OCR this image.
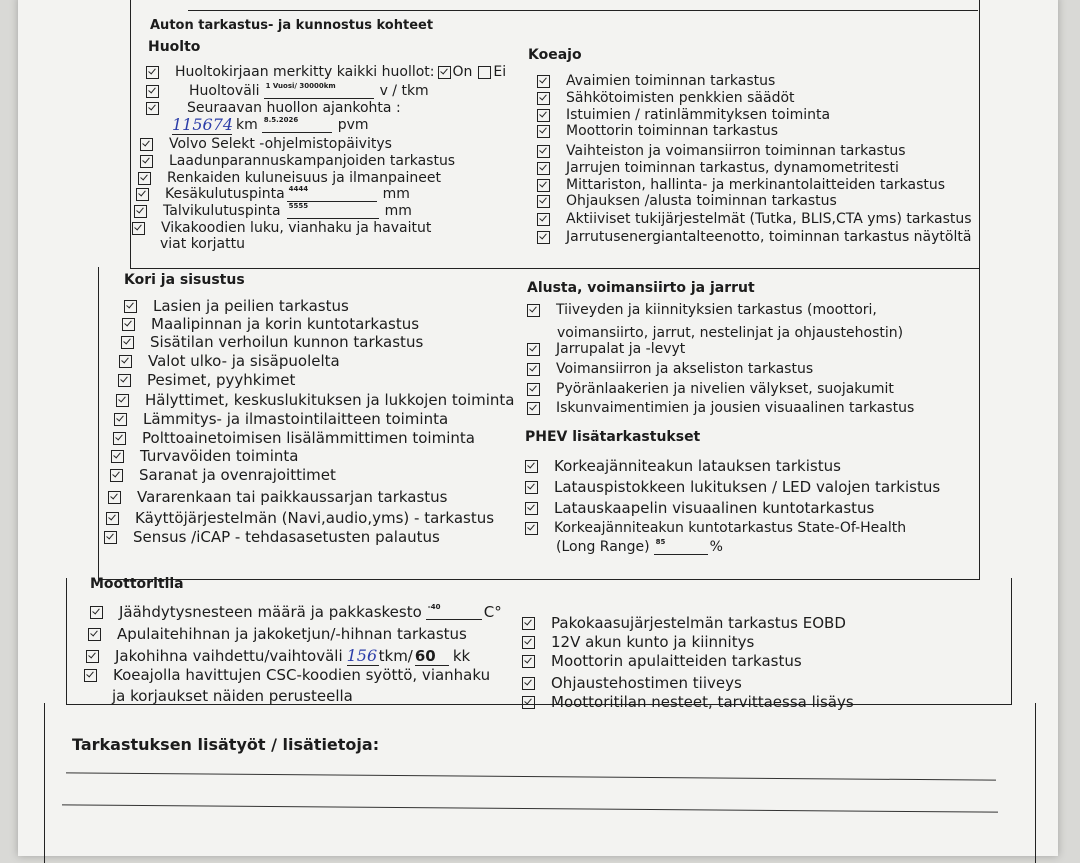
Auton tarkastus- ja kunnostus kohteet
Huolto
Huoltokirjaan merkitty kaikki huollot: On Ei
Huoltoväli 1 Vuosi/ 30000km	v / tkm
Seuraavan huollon ajankohta :
115674 km 8.5.2026	pvm
Volvo Selekt -ohjelmistopäivitys
Laadunparannuskampanjoiden tarkastus
Renkaiden kuluneisuus ja ilmanpaineet
Kesäkulutuspinta 4444	mm
Talvikulutuspinta 5555	mm
Vikakoodien luku, vianhaku ja havaitut
viat korjattu
Koeajo
Avaimien toiminnan tarkastus
Sähkötoimisten penkkien säädöt
Istuimien / ratinlämmityksen toiminta
Moottorin toiminnan tarkastus
Vaihteiston ja voimansiirron toiminnan tarkastus
Jarrujen toiminnan tarkastus, dynamometritesti
Mittariston, hallinta- ja merkinantolaitteiden tarkastus
Ohjauksen /alusta toiminnan tarkastus
Aktiiviset tukijärjestelmät (Tutka, BLIS,CTA yms) tarkastus
Jarrutusenergiantalteenotto, toiminnan tarkastus näytöltä
Kori ja sisustus
Lasien ja peilien tarkastus
Maalipinnan ja korin kuntotarkastus
Sisätilan verhoilun kunnon tarkastus
Valot ulko- ja sisäpuolelta
Pesimet, pyyhkimet
Hälyttimet, keskuslukituksen ja lukkojen toiminta
Lämmitys- ja ilmastointilaitteen toiminta
Polttoainetoimisen lisälämmittimen toiminta
Turvavöiden toiminta
Saranat ja ovenrajoittimet
Vararenkaan tai paikkaussarjan tarkastus
Käyttöjärjestelmän (Navi,audio,yms) - tarkastus
Sensus /iCAP - tehdasasetusten palautus
Alusta, voimansiirto ja jarrut
Tiiveyden ja kiinnityksien tarkastus (moottori,
voimansiirto, jarrut, nestelinjat ja ohjaustehostin)
Jarrupalat ja -levyt
Voimansiirron ja akseliston tarkastus
Pyöränlaakerien ja nivelien välykset, suojakumit
Iskunvaimentimien ja jousien visuaalinen tarkastus
PHEV lisätarkastukset
Korkeajänniteakun latauksen tarkistus
Latauspistokkeen lukituksen / LED valojen tarkistus
Latauskaapelin visuaalinen kuntotarkastus
Korkeajänniteakun kuntotarkastus State-Of-Health
(Long Range) 85	%
Moottoritila
Jäähdytysnesteen määrä ja pakkaskesto -40	C°
Apulaitehihnan ja jakoketjun/-hihnan tarkastus
Jakohihna vaihdettu/vaihtoväli 156 tkm/ 60	kk
Koeajolla havittujen CSC-koodien syöttö, vianhaku
ja korjaukset näiden perusteella
Pakokaasujärjestelmän tarkastus EOBD
12V akun kunto ja kiinnitys
Moottorin apulaitteiden tarkastus
Ohjaustehostimen tiiveys
Moottoritilan nesteet, tarvittaessa lisäys
Tarkastuksen lisätyöt / lisätietoja:
